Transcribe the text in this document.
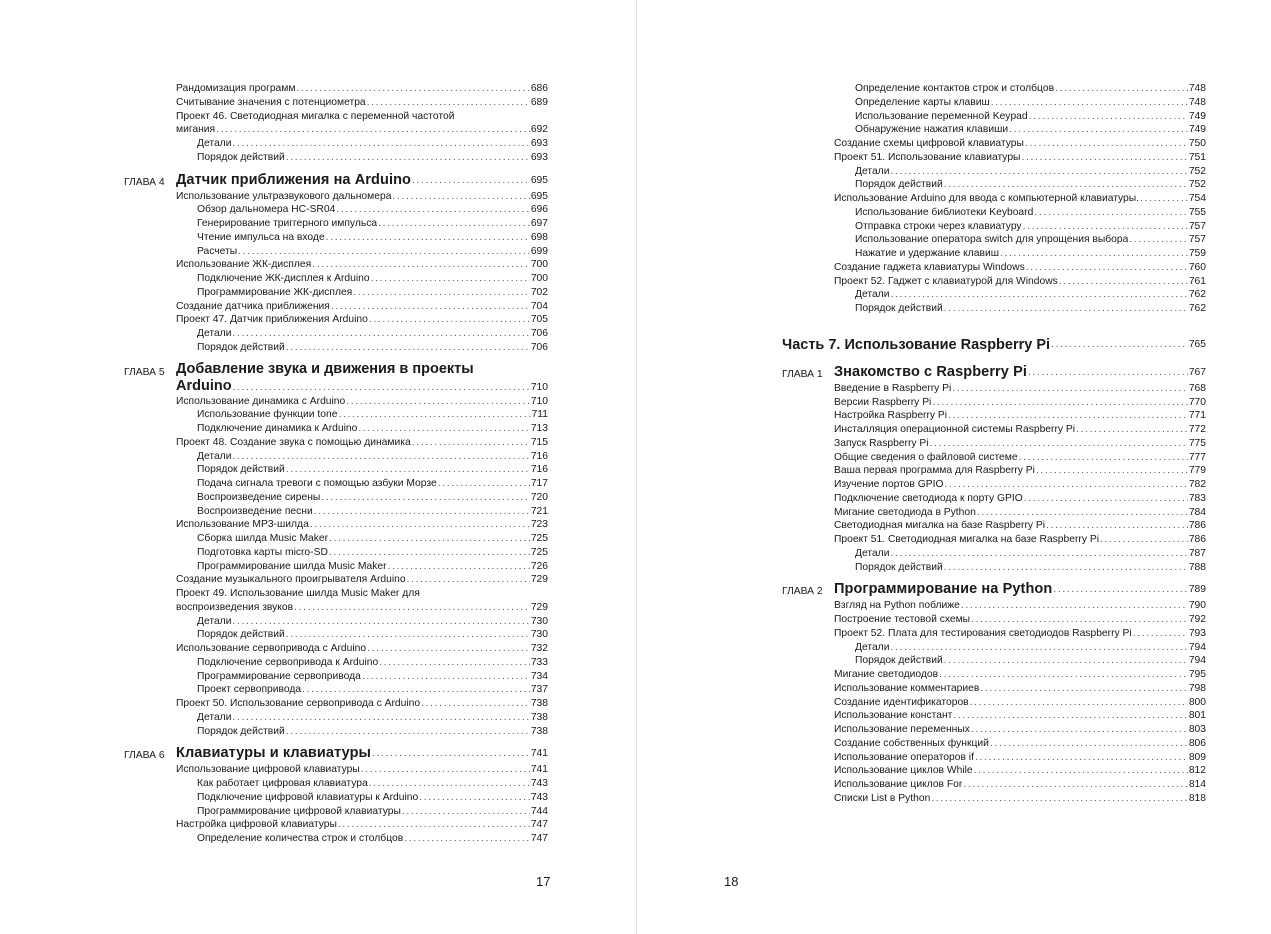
Рандомизация программ . . .	686
Считывание значения с потенциометра . . .	689
Проект 46. Светодиодная мигалка с переменной частотой
мигания . . .	692
Детали . . .	693
Порядок действий . . .	693
ГЛАВА 4 Датчик приближения на Arduino . . .	695
Использование ультразвукового дальномера . . .	695
Обзор дальномера HC-SR04 . . .	696
Генерирование триггерного импульса . . .	697
Чтение импульса на входе . . .	698
Расчеты . . .	699
Использование ЖК-дисплея . . .	700
Подключение ЖК-дисплея к Arduino . . .	700
Программирование ЖК-дисплея . . .	702
Создание датчика приближения . . .	704
Проект 47. Датчик приближения Arduino . . .	705
Детали . . .	706
Порядок действий . . .	706
ГЛАВА 5 Добавление звука и движения в проекты
Arduino . . .	710
Использование динамика с Arduino . . .	710
Использование функции tone . . .	711
Подключение динамика к Arduino . . .	713
Проект 48. Создание звука с помощью динамика . . .	715
Детали . . .	716
Порядок действий . . .	716
Подача сигнала тревоги с помощью азбуки Морзе . . .	717
Воспроизведение сирены . . .	720
Воспроизведение песни . . .	721
Использование MP3-шилда . . .	723
Сборка шилда Music Maker . . .	725
Подготовка карты micro-SD . . .	725
Программирование шилда Music Maker . . .	726
Создание музыкального проигрывателя Arduino . . .	729
Проект 49. Использование шилда Music Maker для
воспроизведения звуков . . .	729
Детали . . .	730
Порядок действий . . .	730
Использование сервопривода с Arduino . . .	732
Подключение сервопривода к Arduino . . .	733
Программирование сервопривода . . .	734
Проект сервопривода . . .	737
Проект 50. Использование сервопривода с Arduino . . .	738
Детали . . .	738
Порядок действий . . .	738
ГЛАВА 6 Клавиатуры и клавиатуры . . .	741
Использование цифровой клавиатуры . . .	741
Как работает цифровая клавиатура . . .	743
Подключение цифровой клавиатуры к Arduino . . .	743
Программирование цифровой клавиатуры . . .	744
Настройка цифровой клавиатуры . . .	747
Определение количества строк и столбцов . . .	747
17
Определение контактов строк и столбцов . . .	748
Определение карты клавиш . . .	748
Использование переменной Keypad . . .	749
Обнаружение нажатия клавиши . . .	749
Создание схемы цифровой клавиатуры . . .	750
Проект 51. Использование клавиатуры . . .	751
Детали . . .	752
Порядок действий . . .	752
Использование Arduino для ввода с компьютерной клавиатуры. . . .	754
Использование библиотеки Keyboard . . .	755
Отправка строки через клавиатуру . . .	757
Использование оператора switch для упрощения выбора . . .	757
Нажатие и удержание клавиш . . .	759
Создание гаджета клавиатуры Windows . . .	760
Проект 52. Гаджет с клавиатурой для Windows . . .	761
Детали . . .	762
Порядок действий . . .	762
Часть 7. Использование Raspberry Pi . . .	765
ГЛАВА 1 Знакомство с Raspberry Pi . . .	767
Введение в Raspberry Pi . . .	768
Версии Raspberry Pi . . .	770
Настройка Raspberry Pi . . .	771
Инсталляция операционной системы Raspberry Pi . . .	772
Запуск Raspberry Pi . . .	775
Общие сведения о файловой системе . . .	777
Ваша первая программа для Raspberry Pi . . .	779
Изучение портов GPIO . . .	782
Подключение светодиода к порту GPIO . . .	783
Мигание светодиода в Python . . .	784
Светодиодная мигалка на базе Raspberry Pi . . .	786
Проект 51. Светодиодная мигалка на базе Raspberry Pi . . .	786
Детали . . .	787
Порядок действий . . .	788
ГЛАВА 2 Программирование на Python . . .	789
Взгляд на Python поближе . . .	790
Построение тестовой схемы . . .	792
Проект 52. Плата для тестирования светодиодов Raspberry Pi . . .	793
Детали . . .	794
Порядок действий . . .	794
Мигание светодиодов . . .	795
Использование комментариев . . .	798
Создание идентификаторов . . .	800
Использование констант . . .	801
Использование переменных . . .	803
Создание собственных функций . . .	806
Использование операторов if . . .	809
Использование циклов While . . .	812
Использование циклов For . . .	814
Списки List в Python . . .	818
18
